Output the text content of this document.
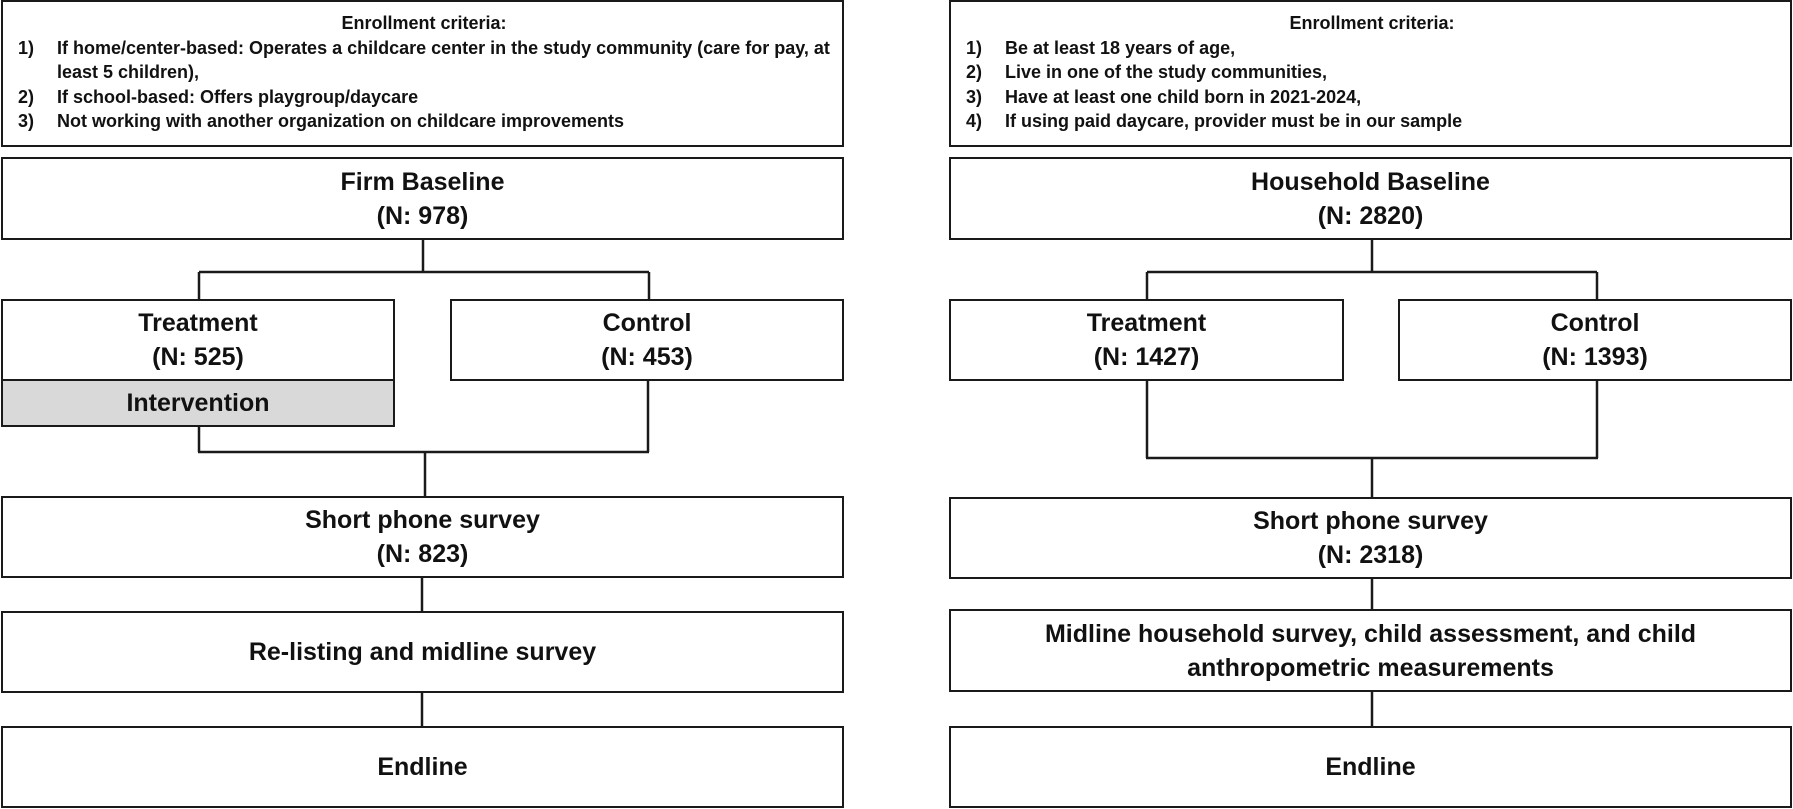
Enrollment criteria:
1)	If home/center-based: Operates a childcare center in the study community (care for pay, at least 5 children),
2)	If school-based: Offers playgroup/daycare
3)	Not working with another organization on childcare improvements
Firm Baseline
(N: 978)
Treatment
(N: 525)
Intervention
Control
(N: 453)
Short phone survey
(N: 823)
Re-listing and midline survey
Endline
Enrollment criteria:
1)	Be at least 18 years of age,
2)	Live in one of the study communities,
3)	Have at least one child born in 2021-2024,
4)	If using paid daycare, provider must be in our sample
Household Baseline
(N: 2820)
Treatment
(N: 1427)
Control
(N: 1393)
Short phone survey
(N: 2318)
Midline household survey, child assessment, and child anthropometric measurements
Endline
